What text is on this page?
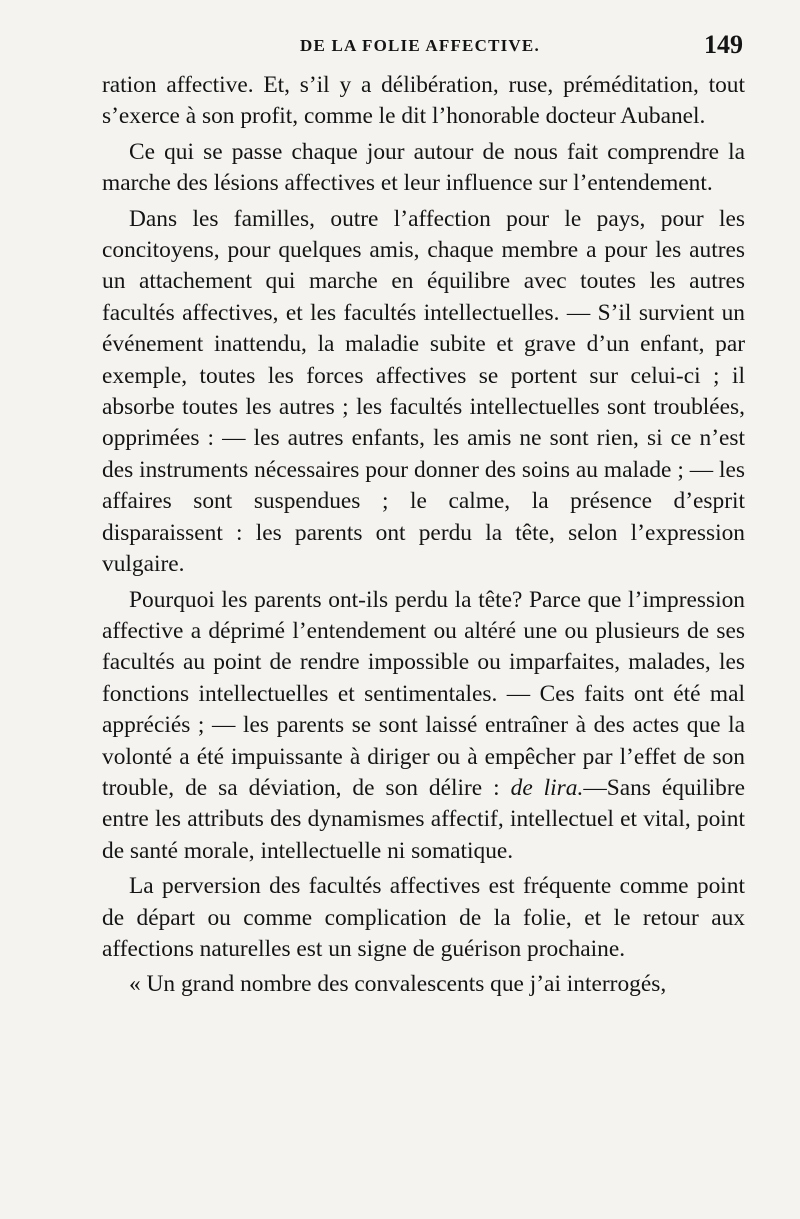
DE LA FOLIE AFFECTIVE.	149

ration affective. Et, s’il y a délibération, ruse, préméditation, tout s’exerce à son profit, comme le dit l’honorable docteur Aubanel.

Ce qui se passe chaque jour autour de nous fait comprendre la marche des lésions affectives et leur influence sur l’entendement.

Dans les familles, outre l’affection pour le pays, pour les concitoyens, pour quelques amis, chaque membre a pour les autres un attachement qui marche en équilibre avec toutes les autres facultés affectives, et les facultés intellectuelles. — S’il survient un événement inattendu, la maladie subite et grave d’un enfant, par exemple, toutes les forces affectives se portent sur celui-ci ; il absorbe toutes les autres ; les facultés intellectuelles sont troublées, opprimées : — les autres enfants, les amis ne sont rien, si ce n’est des instruments nécessaires pour donner des soins au malade ; — les affaires sont suspendues ; le calme, la présence d’esprit disparaissent : les parents ont perdu la tête, selon l’expression vulgaire.

Pourquoi les parents ont-ils perdu la tête? Parce que l’impression affective a déprimé l’entendement ou altéré une ou plusieurs de ses facultés au point de rendre impossible ou imparfaites, malades, les fonctions intellectuelles et sentimentales. — Ces faits ont été mal appréciés ; — les parents se sont laissé entraîner à des actes que la volonté a été impuissante à diriger ou à empêcher par l’effet de son trouble, de sa déviation, de son délire : de lira.—Sans équilibre entre les attributs des dynamismes affectif, intellectuel et vital, point de santé morale, intellectuelle ni somatique.

La perversion des facultés affectives est fréquente comme point de départ ou comme complication de la folie, et le retour aux affections naturelles est un signe de guérison prochaine.

« Un grand nombre des convalescents que j’ai interrogés,
